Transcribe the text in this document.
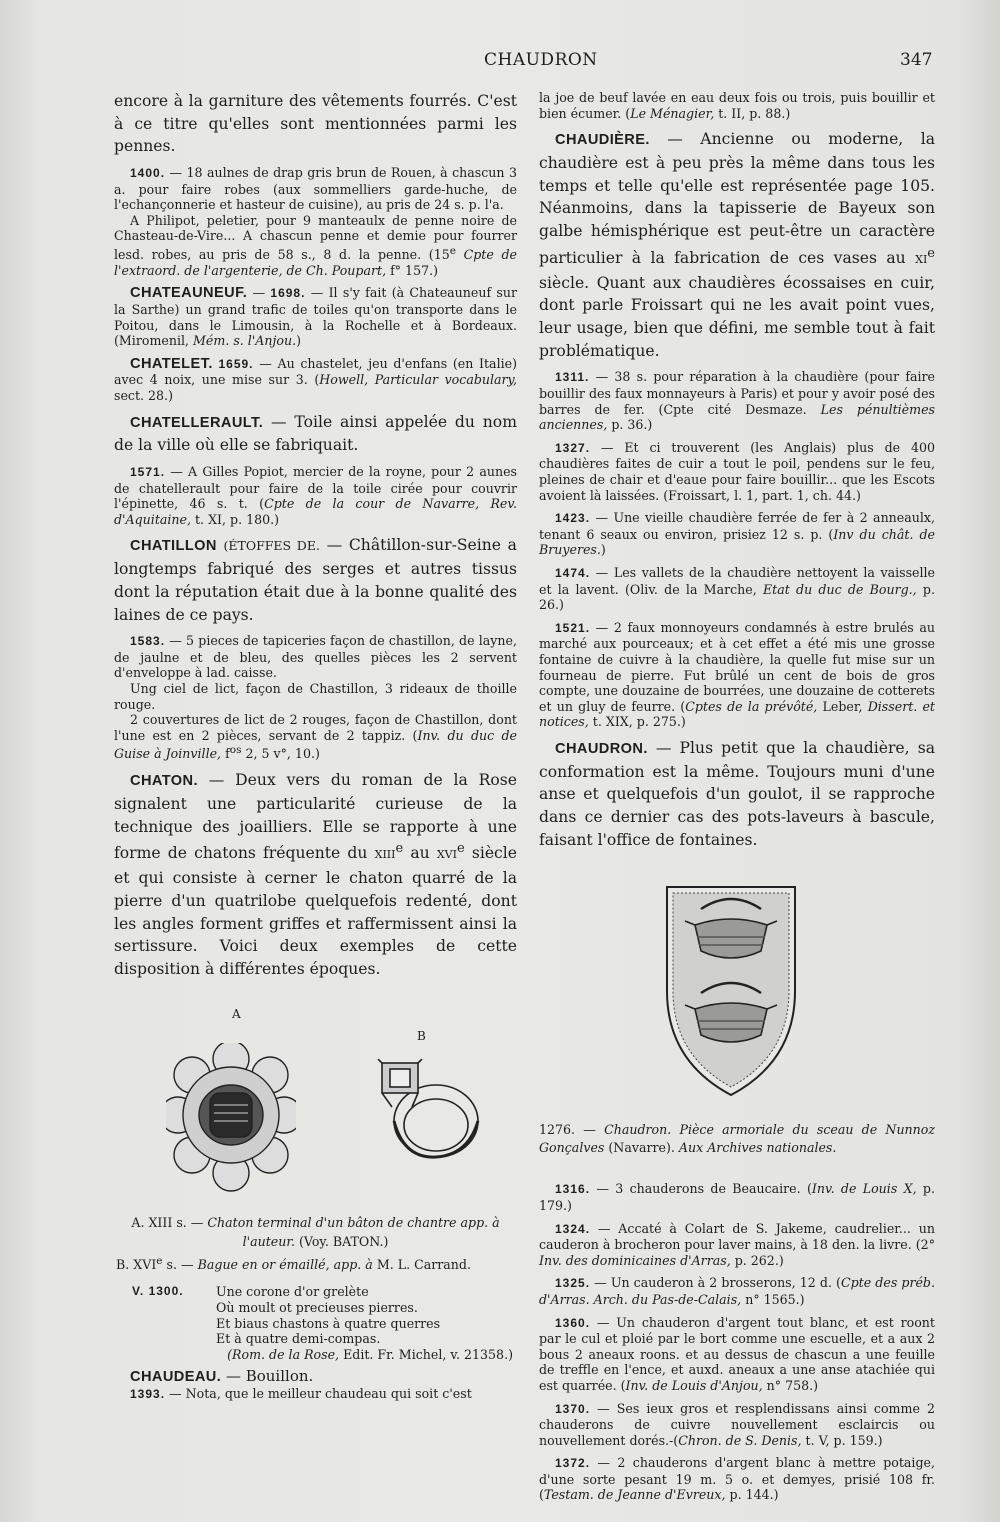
CHAUDRON	347

encore à la garniture des vêtements fourrés. C'est à ce titre qu'elles sont mentionnées parmi les pennes.

1400. — 18 aulnes de drap gris brun de Rouen, à chascun 3 a. pour faire robes (aux sommelliers garde-huche, de l'echançonnerie et hasteur de cuisine), au pris de 24 s. p. l'a.

A Philipot, peletier, pour 9 manteaulx de penne noire de Chasteau-de-Vire... A chascun penne et demie pour fourrer lesd. robes, au pris de 58 s., 8 d. la penne. (15e Cpte de l'extraord. de l'argenterie, de Ch. Poupart, f° 157.)

CHATEAUNEUF. — 1698. — Il s'y fait (à Chateauneuf sur la Sarthe) un grand trafic de toiles qu'on transporte dans le Poitou, dans le Limousin, à la Rochelle et à Bordeaux. (Miromenil, Mém. s. l'Anjou.)

CHATELET. 1659. — Au chastelet, jeu d'enfans (en Italie) avec 4 noix, une mise sur 3. (Howell, Particular vocabulary, sect. 28.)

CHATELLERAULT. — Toile ainsi appelée du nom de la ville où elle se fabriquait.

1571. — A Gilles Popiot, mercier de la royne, pour 2 aunes de chatellerault pour faire de la toile cirée pour couvrir l'épinette, 46 s. t. (Cpte de la cour de Navarre, Rev. d'Aquitaine, t. XI, p. 180.)

CHATILLON (ÉTOFFES DE. — Châtillon-sur-Seine a longtemps fabriqué des serges et autres tissus dont la réputation était due à la bonne qualité des laines de ce pays.

1583. — 5 pieces de tapiceries façon de chastillon, de layne, de jaulne et de bleu, des quelles pièces les 2 servent d'enveloppe à lad. caisse.

Ung ciel de lict, façon de Chastillon, 3 rideaux de thoille rouge.

2 couvertures de lict de 2 rouges, façon de Chastillon, dont l'une est en 2 pièces, servant de 2 tappiz. (Inv. du duc de Guise à Joinville, $f^{os}$ 2, 5 v°, 10.)

CHATON. — Deux vers du roman de la Rose signalent une particularité curieuse de la technique des joailliers. Elle se rapporte à une forme de chatons fréquente du XIIIe au XVIe siècle et qui consiste à cerner le chaton quarré de la pierre d'un quatrilobe quelquefois redenté, dont les angles forment griffes et raffermissent ainsi la sertissure. Voici deux exemples de cette disposition à différentes époques.

A
B

A. XIII s. — Chaton terminal d'un bâton de chantre app. à l'auteur. (Voy. BATON.)

B. XVIe s. — Bague en or émaillé, app. à M. L. Carrand.

V. 1300.	Une corone d'or grelète
Où moult ot precieuses pierres.
Et biaus chastons à quatre querres
Et à quatre demi-compas.
(Rom. de la Rose, Edit. Fr. Michel, v. 21358.)

CHAUDEAU. — Bouillon.

1393. — Nota, que le meilleur chaudeau qui soit c'est

la joe de beuf lavée en eau deux fois ou trois, puis bouillir et bien écumer. (Le Ménagier, t. II, p. 88.)

CHAUDIÈRE. — Ancienne ou moderne, la chaudière est à peu près la même dans tous les temps et telle qu'elle est représentée page 105. Néanmoins, dans la tapisserie de Bayeux son galbe hémisphérique est peut-être un caractère particulier à la fabrication de ces vases au XIe siècle. Quant aux chaudières écossaises en cuir, dont parle Froissart qui ne les avait point vues, leur usage, bien que défini, me semble tout à fait problématique.

1311. — 38 s. pour réparation à la chaudière (pour faire bouillir des faux monnayeurs à Paris) et pour y avoir posé des barres de fer. (Cpte cité Desmaze. Les pénultièmes anciennes, p. 36.)

1327. — Et ci trouverent (les Anglais) plus de 400 chaudières faites de cuir a tout le poil, pendens sur le feu, pleines de chair et d'eaue pour faire bouillir... que les Escots avoient là laissées. (Froissart, l. 1, part. 1, ch. 44.)

1423. — Une vieille chaudière ferrée de fer à 2 anneaulx, tenant 6 seaux ou environ, prisiez 12 s. p. (Inv du chât. de Bruyeres.)

1474. — Les vallets de la chaudière nettoyent la vaisselle et la lavent. (Oliv. de la Marche, Etat du duc de Bourg., p. 26.)

1521. — 2 faux monnoyeurs condamnés à estre brulés au marché aux pourceaux; et à cet effet a été mis une grosse fontaine de cuivre à la chaudière, la quelle fut mise sur un fourneau de pierre. Fut brûlé un cent de bois de gros compte, une douzaine de bourrées, une douzaine de cotterets et un gluy de feurre. (Cptes de la prévôté, Leber, Dissert. et notices, t. XIX, p. 275.)

CHAUDRON. — Plus petit que la chaudière, sa conformation est la même. Toujours muni d'une anse et quelquefois d'un goulot, il se rapproche dans ce dernier cas des pots-laveurs à bascule, faisant l'office de fontaines.

1276. — Chaudron. Pièce armoriale du sceau de Nunnoz Gonçalves (Navarre). Aux Archives nationales.

1316. — 3 chauderons de Beaucaire. (Inv. de Louis X, p. 179.)

1324. — Accaté à Colart de S. Jakeme, caudrelier... un cauderon à brocheron pour laver mains, à 18 den. la livre. (2° Inv. des dominicaines d'Arras, p. 262.)

1325. — Un cauderon à 2 brosserons, 12 d. (Cpte des préb. d'Arras. Arch. du Pas-de-Calais, n° 1565.)

1360. — Un chauderon d'argent tout blanc, et est roont par le cul et ploié par le bort comme une escuelle, et a aux 2 bous 2 aneaux roons. et au dessus de chascun a une feuille de treffle en l'ence, et auxd. aneaux a une anse atachiée qui est quarrée. (Inv. de Louis d'Anjou, n° 758.)

1370. — Ses ieux gros et resplendissans ainsi comme 2 chauderons de cuivre nouvellement esclaircis ou nouvellement dorés.-(Chron. de S. Denis, t. V, p. 159.)

1372. — 2 chauderons d'argent blanc à mettre potaige, d'une sorte pesant 19 m. 5 o. et demyes, prisié 108 fr. (Testam. de Jeanne d'Evreux, p. 144.)
